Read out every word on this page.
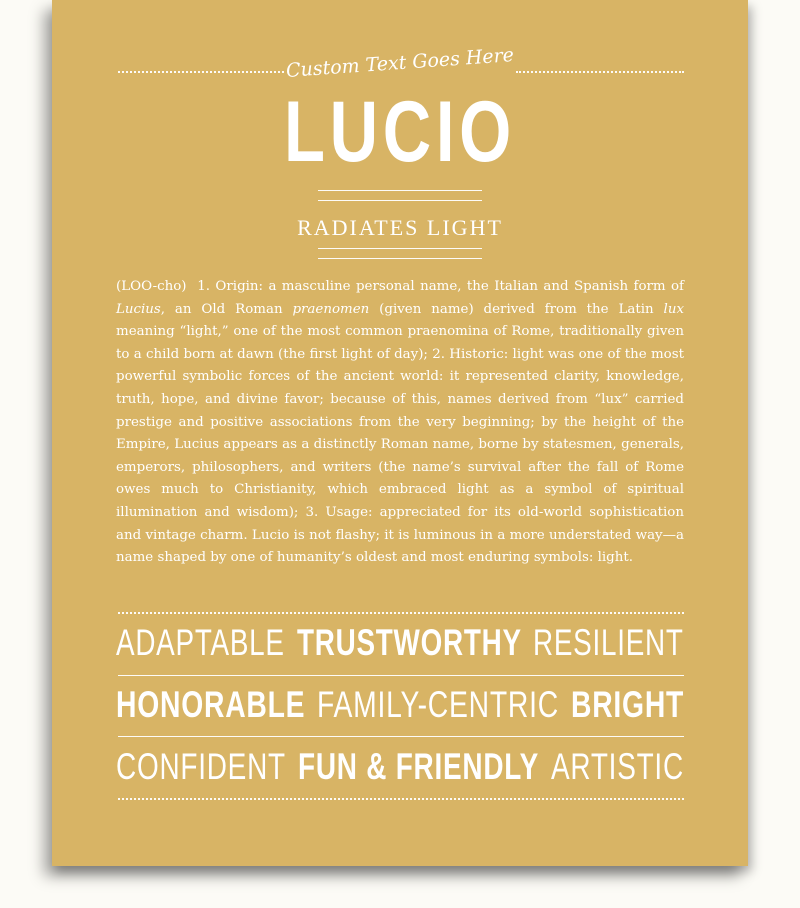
Custom Text Goes Here
LUCIO
RADIATES LIGHT
(LOO-cho) 1. Origin: a masculine personal name, the Italian and Spanish form of Lucius, an Old Roman praenomen (given name) derived from the Latin lux meaning “light,” one of the most common praenomina of Rome, traditionally given to a child born at dawn (the first light of day); 2. Historic: light was one of the most powerful symbolic forces of the ancient world: it represented clarity, knowledge, truth, hope, and divine favor; because of this, names derived from “lux” carried prestige and positive associations from the very beginning; by the height of the Empire, Lucius appears as a distinctly Roman name, borne by statesmen, generals, emperors, philosophers, and writers (the name’s survival after the fall of Rome owes much to Christianity, which embraced light as a symbol of spiritual illumination and wisdom); 3. Usage: appreciated for its old-world sophistication and vintage charm. Lucio is not flashy; it is luminous in a more understated way—a name shaped by one of humanity’s oldest and most enduring symbols: light.
ADAPTABLE TRUSTWORTHY RESILIENT
HONORABLE FAMILY-CENTRIC BRIGHT
CONFIDENT FUN & FRIENDLY ARTISTIC
